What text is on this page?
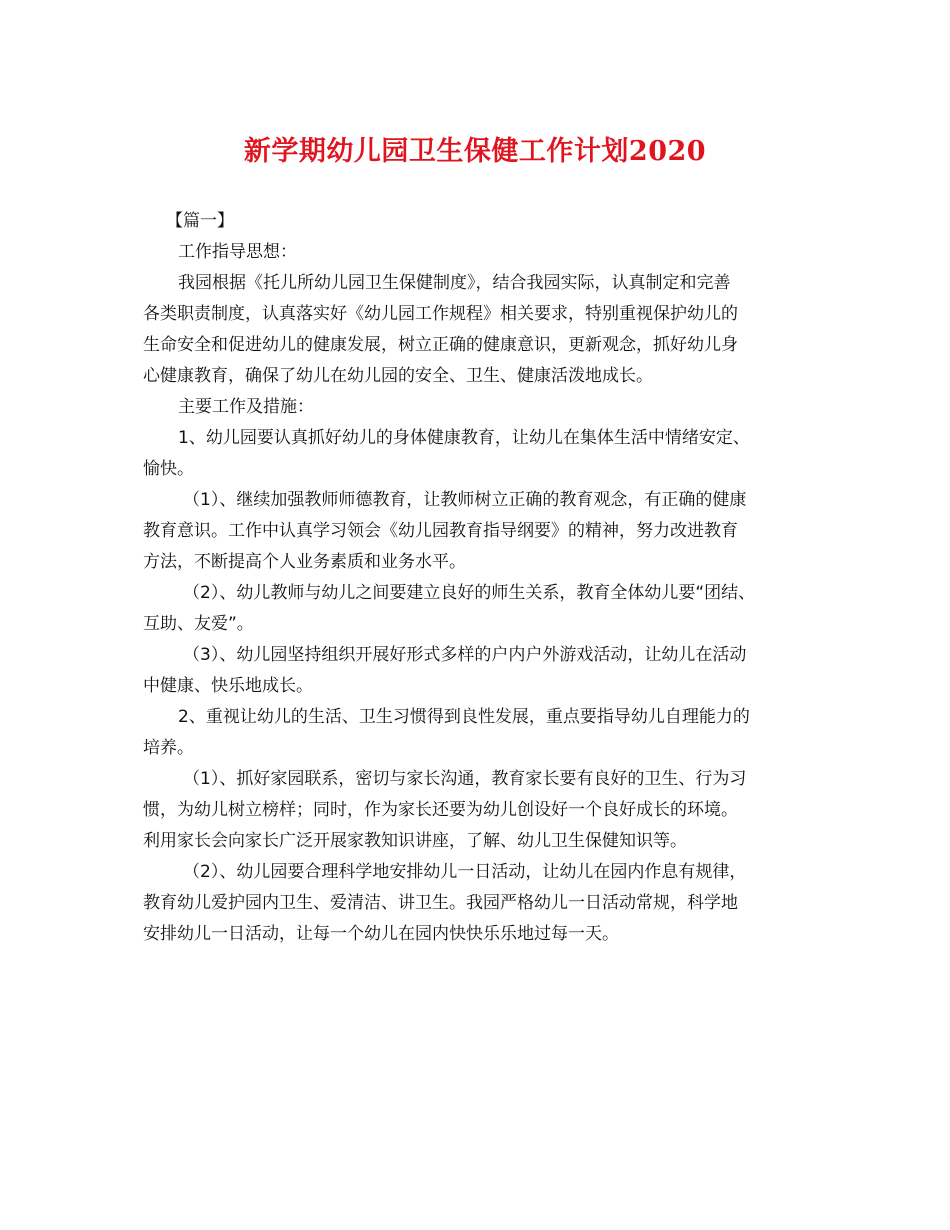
新学期幼儿园卫生保健工作计划2020
【篇一】
工作指导思想：
我园根据《托儿所幼儿园卫生保健制度》，结合我园实际，认真制定和完善
各类职责制度，认真落实好《幼儿园工作规程》相关要求，特别重视保护幼儿的
生命安全和促进幼儿的健康发展，树立正确的健康意识，更新观念，抓好幼儿身
心健康教育，确保了幼儿在幼儿园的安全、卫生、健康活泼地成长。
主要工作及措施：
1、幼儿园要认真抓好幼儿的身体健康教育，让幼儿在集体生活中情绪安定、
愉快。
（1）、继续加强教师师德教育，让教师树立正确的教育观念，有正确的健康
教育意识。工作中认真学习领会《幼儿园教育指导纲要》的精神，努力改进教育
方法，不断提高个人业务素质和业务水平。
（2）、幼儿教师与幼儿之间要建立良好的师生关系，教育全体幼儿要“团结、
互助、友爱”。
（3）、幼儿园坚持组织开展好形式多样的户内户外游戏活动，让幼儿在活动
中健康、快乐地成长。
2、重视让幼儿的生活、卫生习惯得到良性发展，重点要指导幼儿自理能力的
培养。
（1）、抓好家园联系，密切与家长沟通，教育家长要有良好的卫生、行为习
惯，为幼儿树立榜样；同时，作为家长还要为幼儿创设好一个良好成长的环境。
利用家长会向家长广泛开展家教知识讲座，了解、幼儿卫生保健知识等。
（2）、幼儿园要合理科学地安排幼儿一日活动，让幼儿在园内作息有规律，
教育幼儿爱护园内卫生、爱清洁、讲卫生。我园严格幼儿一日活动常规，科学地
安排幼儿一日活动，让每一个幼儿在园内快快乐乐地过每一天。
